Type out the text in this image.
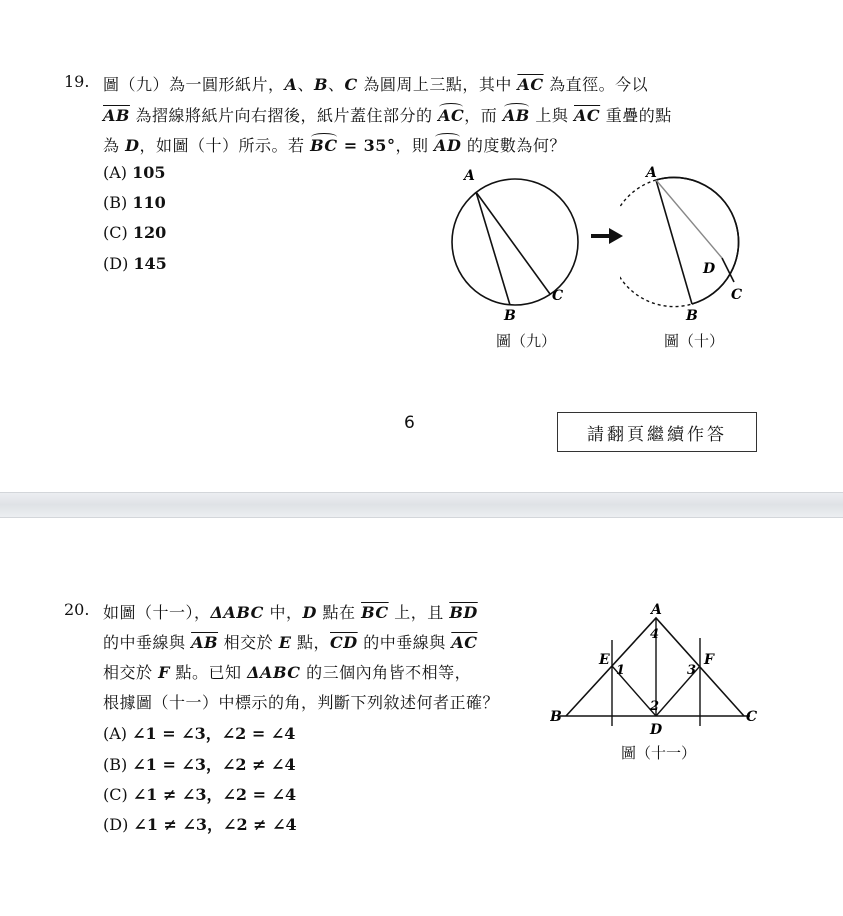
19. 圖（九）為一圓形紙片，A、B、C 為圓周上三點，其中 $\overline{AC}$ 為直徑。今以
$\overline{AB}$ 為摺線將紙片向右摺後，紙片蓋住部分的 AC，而 AB 上與 $\overline{AC}$ 重疊的點
為 D，如圖（十）所示。若 BC = 35°，則 AD 的度數為何？
(A) 105
(B) 110
(C) 120
(D) 145
A
B
C
圖（九）
A
B
C
D
圖（十）
6
請翻頁繼續作答
20. 如圖（十一），ΔABC 中，D 點在 $\overline{BC}$ 上，且 $\overline{BD}$
的中垂線與 $\overline{AB}$ 相交於 E 點，$\overline{CD}$ 的中垂線與 $\overline{AC}$
相交於 F 點。已知 ΔABC 的三個內角皆不相等，
根據圖（十一）中標示的角，判斷下列敘述何者正確？
(A) ∠1 = ∠3，∠2 = ∠4
(B) ∠1 = ∠3，∠2 ≠ ∠4
(C) ∠1 ≠ ∠3，∠2 = ∠4
(D) ∠1 ≠ ∠3，∠2 ≠ ∠4
A
B	C
D
E	F
1
2
3
4
圖（十一）
